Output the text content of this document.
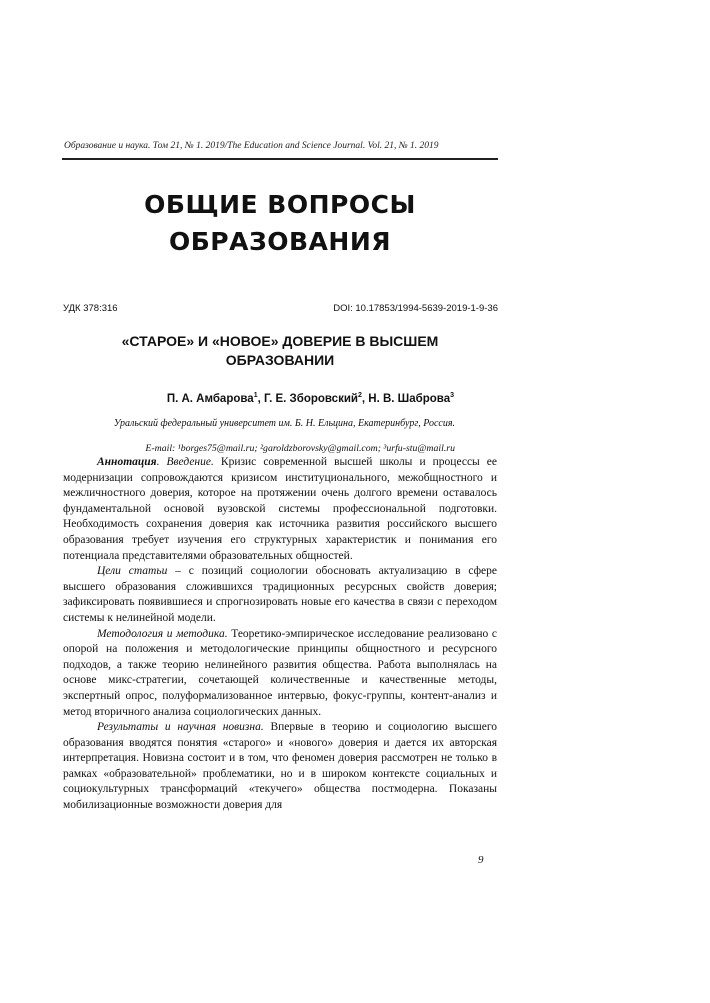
Образование и наука. Том 21, № 1. 2019/The Education and Science Journal. Vol. 21, № 1. 2019
ОБЩИЕ ВОПРОСЫ
ОБРАЗОВАНИЯ
УДК 378:316	DOI: 10.17853/1994-5639-2019-1-9-36
«СТАРОЕ» И «НОВОЕ» ДОВЕРИЕ В ВЫСШЕМ
ОБРАЗОВАНИИ
П. А. Амбарова$^1$, Г. Е. Зборовский$^2$, Н. В. Шаброва$^3$
Уральский федеральный университет им. Б. Н. Ельцина, Екатеринбург, Россия.
E-mail: ¹borges75@mail.ru; ²garoldzborovsky@gmail.com; ³urfu-stu@mail.ru

Аннотация. Введение. Кризис современной высшей школы и процессы ее модернизации сопровождаются кризисом институционального, межобщностного и межличностного доверия, которое на протяжении очень долгого времени оставалось фундаментальной основой вузовской системы профессиональной подготовки. Необходимость сохранения доверия как источника развития российского высшего образования требует изучения его структурных характеристик и понимания его потенциала представителями образовательных общностей.

Цели статьи – с позиций социологии обосновать актуализацию в сфере высшего образования сложившихся традиционных ресурсных свойств доверия; зафиксировать появившиеся и спрогнозировать новые его качества в связи с переходом системы к нелинейной модели.

Методология и методика. Теоретико-эмпирическое исследование реализовано с опорой на положения и методологические принципы общностного и ресурсного подходов, а также теорию нелинейного развития общества. Работа выполнялась на основе микс-стратегии, сочетающей количественные и качественные методы, экспертный опрос, полуформализованное интервью, фокус-группы, контент-анализ и метод вторичного анализа социологических данных.

Результаты и научная новизна. Впервые в теорию и социологию высшего образования вводятся понятия «старого» и «нового» доверия и дается их авторская интерпретация. Новизна состоит и в том, что феномен доверия рассмотрен не только в рамках «образовательной» проблематики, но и в широком контексте социальных и социокультурных трансформаций «текучего» общества постмодерна. Показаны мобилизационные возможности доверия для

9
